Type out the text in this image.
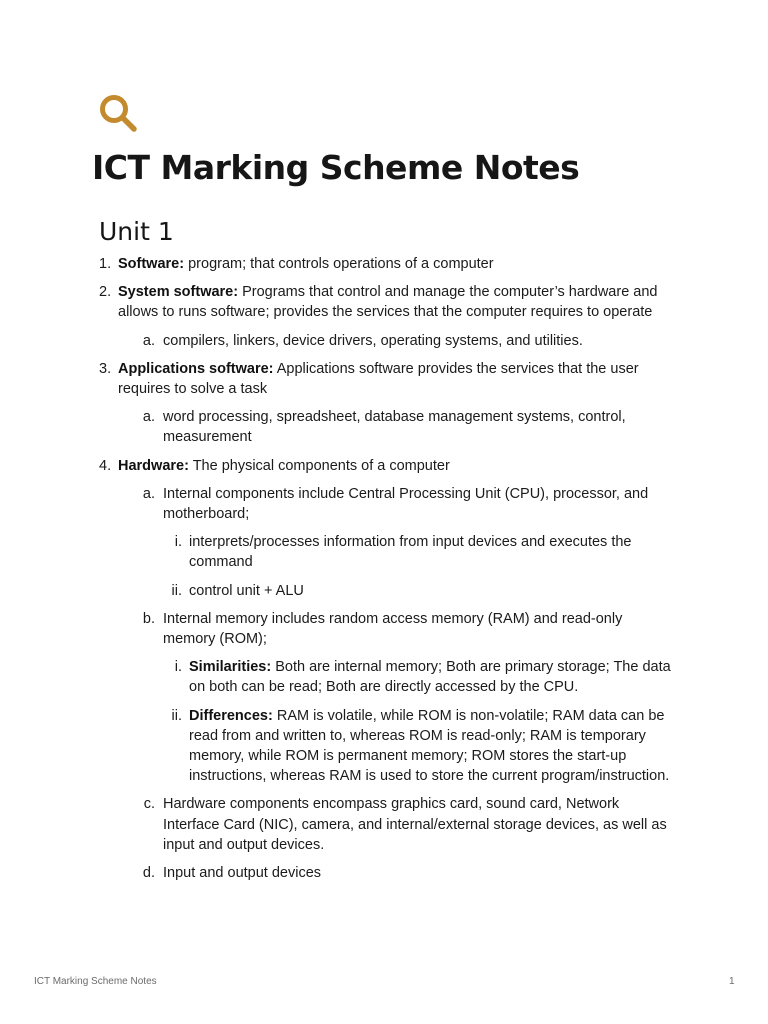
ICT Marking Scheme Notes
Unit 1
1. Software: program; that controls operations of a computer
2. System software: Programs that control and manage the computer’s hardware and allows to runs software; provides the services that the computer requires to operate
a. compilers, linkers, device drivers, operating systems, and utilities.
3. Applications software: Applications software provides the services that the user requires to solve a task
a. word processing, spreadsheet, database management systems, control, measurement
4. Hardware: The physical components of a computer
a. Internal components include Central Processing Unit (CPU), processor, and motherboard;
i. interprets/processes information from input devices and executes the command
ii. control unit + ALU
b. Internal memory includes random access memory (RAM) and read-only memory (ROM);
i. Similarities: Both are internal memory; Both are primary storage; The data on both can be read; Both are directly accessed by the CPU.
ii. Differences: RAM is volatile, while ROM is non-volatile; RAM data can be read from and written to, whereas ROM is read-only; RAM is temporary memory, while ROM is permanent memory; ROM stores the start-up instructions, whereas RAM is used to store the current program/instruction.
c. Hardware components encompass graphics card, sound card, Network Interface Card (NIC), camera, and internal/external storage devices, as well as input and output devices.
d. Input and output devices
ICT Marking Scheme Notes	1
